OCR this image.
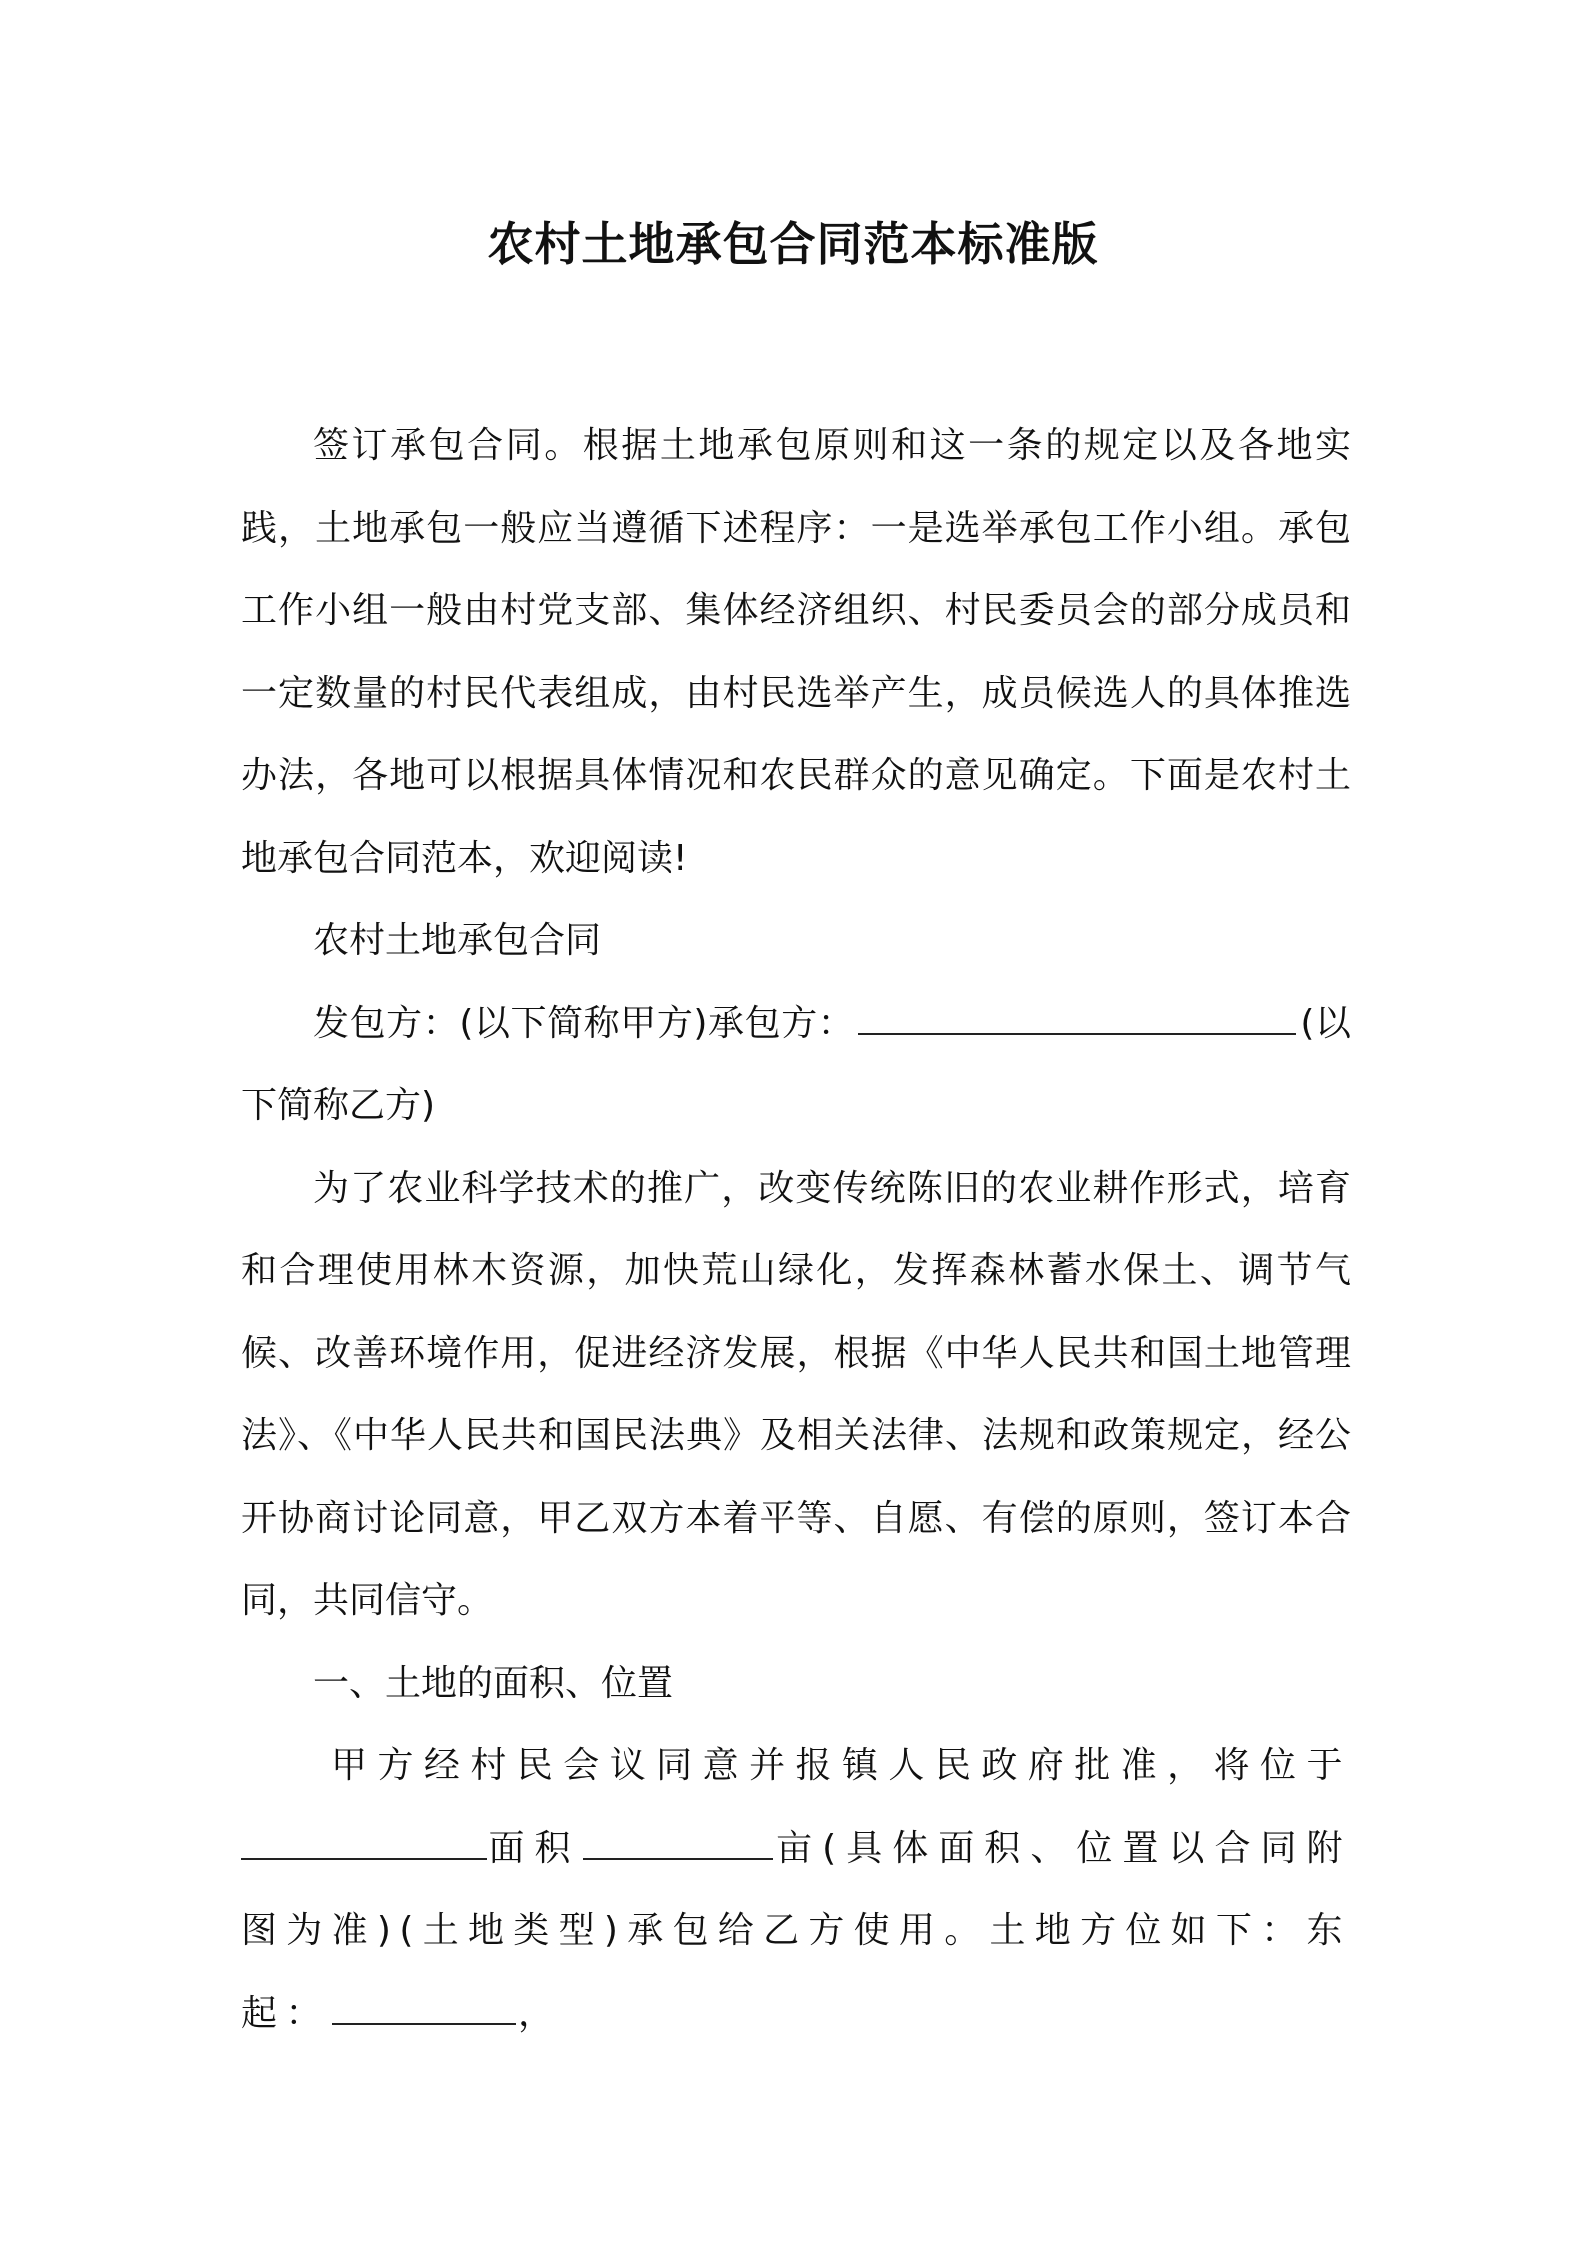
农村土地承包合同范本标准版

签订承包合同。根据土地承包原则和这一条的规定以及各地实践，土地承包一般应当遵循下述程序：一是选举承包工作小组。承包工作小组一般由村党支部、集体经济组织、村民委员会的部分成员和一定数量的村民代表组成，由村民选举产生，成员候选人的具体推选办法，各地可以根据具体情况和农民群众的意见确定。下面是农村土地承包合同范本，欢迎阅读!

农村土地承包合同

发包方：(以下简称甲方)承包方：	(以下简称乙方)

为了农业科学技术的推广，改变传统陈旧的农业耕作形式，培育和合理使用林木资源，加快荒山绿化，发挥森林蓄水保土、调节气候、改善环境作用，促进经济发展，根据《中华人民共和国土地管理法》、《中华人民共和国民法典》及相关法律、法规和政策规定，经公开协商讨论同意，甲乙双方本着平等、自愿、有偿的原则，签订本合同，共同信守。

一、土地的面积、位置

甲方经村民会议同意并报镇人民政府批准，将位于面积	亩(具体面积、位置以合同附图为准)(土地类型)承包给乙方使用。土地方位如下：东起：	，
